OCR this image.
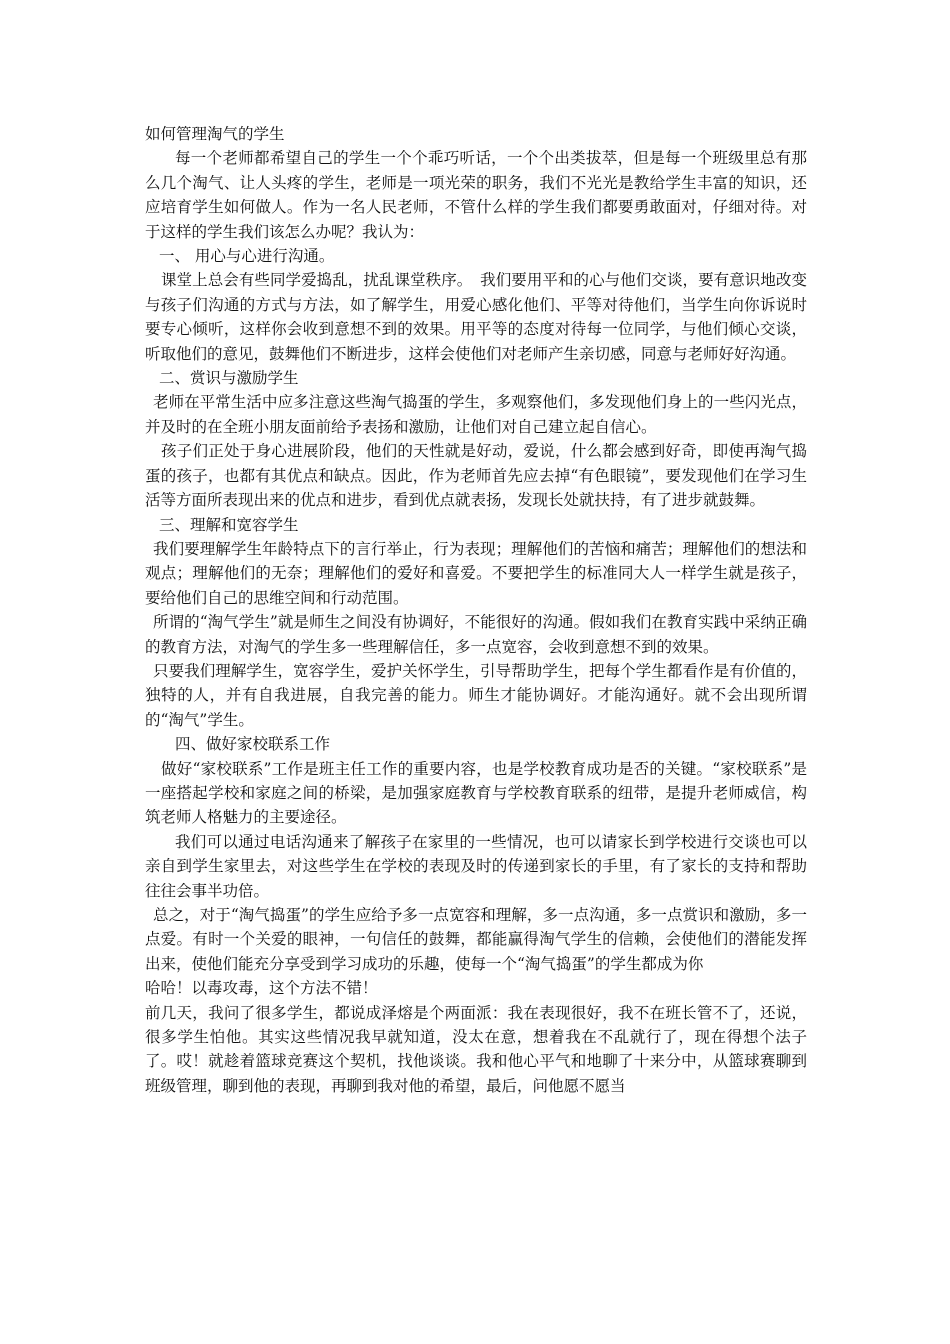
如何管理淘气的学生

每一个老师都希望自己的学生一个个乖巧听话，一个个出类拔萃，但是每一个班级里总有那么几个淘气、让人头疼的学生，老师是一项光荣的职务，我们不光光是教给学生丰富的知识，还应培育学生如何做人。作为一名人民老师，不管什么样的学生我们都要勇敢面对，仔细对待。对于这样的学生我们该怎么办呢？我认为：

一、 用心与心进行沟通。

课堂上总会有些同学爱捣乱，扰乱课堂秩序。　我们要用平和的心与他们交谈，要有意识地改变与孩子们沟通的方式与方法，如了解学生，用爱心感化他们、平等对待他们，当学生向你诉说时要专心倾听，这样你会收到意想不到的效果。用平等的态度对待每一位同学，与他们倾心交谈，听取他们的意见，鼓舞他们不断进步，这样会使他们对老师产生亲切感，同意与老师好好沟通。

二、赏识与激励学生

老师在平常生活中应多注意这些淘气捣蛋的学生，多观察他们，多发现他们身上的一些闪光点，并及时的在全班小朋友面前给予表扬和激励，让他们对自己建立起自信心。

孩子们正处于身心进展阶段，他们的天性就是好动，爱说，什么都会感到好奇，即使再淘气捣蛋的孩子，也都有其优点和缺点。因此，作为老师首先应去掉“有色眼镜”，要发现他们在学习生活等方面所表现出来的优点和进步，看到优点就表扬，发现长处就扶持，有了进步就鼓舞。

三、理解和宽容学生

我们要理解学生年龄特点下的言行举止，行为表现；理解他们的苦恼和痛苦；理解他们的想法和观点；理解他们的无奈；理解他们的爱好和喜爱。不要把学生的标准同大人一样学生就是孩子，要给他们自己的思维空间和行动范围。

所谓的“淘气学生”就是师生之间没有协调好，不能很好的沟通。假如我们在教育实践中采纳正确的教育方法，对淘气的学生多一些理解信任，多一点宽容，会收到意想不到的效果。

只要我们理解学生，宽容学生，爱护关怀学生，引导帮助学生，把每个学生都看作是有价值的，独特的人，并有自我进展，自我完善的能力。师生才能协调好。才能沟通好。就不会出现所谓的“淘气”学生。

四、做好家校联系工作

做好“家校联系”工作是班主任工作的重要内容，也是学校教育成功是否的关键。“家校联系”是一座搭起学校和家庭之间的桥梁，是加强家庭教育与学校教育联系的纽带，是提升老师威信，构筑老师人格魅力的主要途径。

我们可以通过电话沟通来了解孩子在家里的一些情况，也可以请家长到学校进行交谈也可以亲自到学生家里去，对这些学生在学校的表现及时的传递到家长的手里，有了家长的支持和帮助往往会事半功倍。

总之，对于“淘气捣蛋”的学生应给予多一点宽容和理解，多一点沟通，多一点赏识和激励，多一点爱。有时一个关爱的眼神，一句信任的鼓舞，都能赢得淘气学生的信赖，会使他们的潜能发挥出来，使他们能充分享受到学习成功的乐趣，使每一个“淘气捣蛋”的学生都成为你

哈哈！以毒攻毒，这个方法不错！

前几天，我问了很多学生，都说成泽熔是个两面派：我在表现很好，我不在班长管不了，还说，很多学生怕他。其实这些情况我早就知道，没太在意，想着我在不乱就行了，现在得想个法子了。哎！就趁着篮球竞赛这个契机，找他谈谈。我和他心平气和地聊了十来分中，从篮球赛聊到班级管理，聊到他的表现，再聊到我对他的希望，最后，问他愿不愿当
